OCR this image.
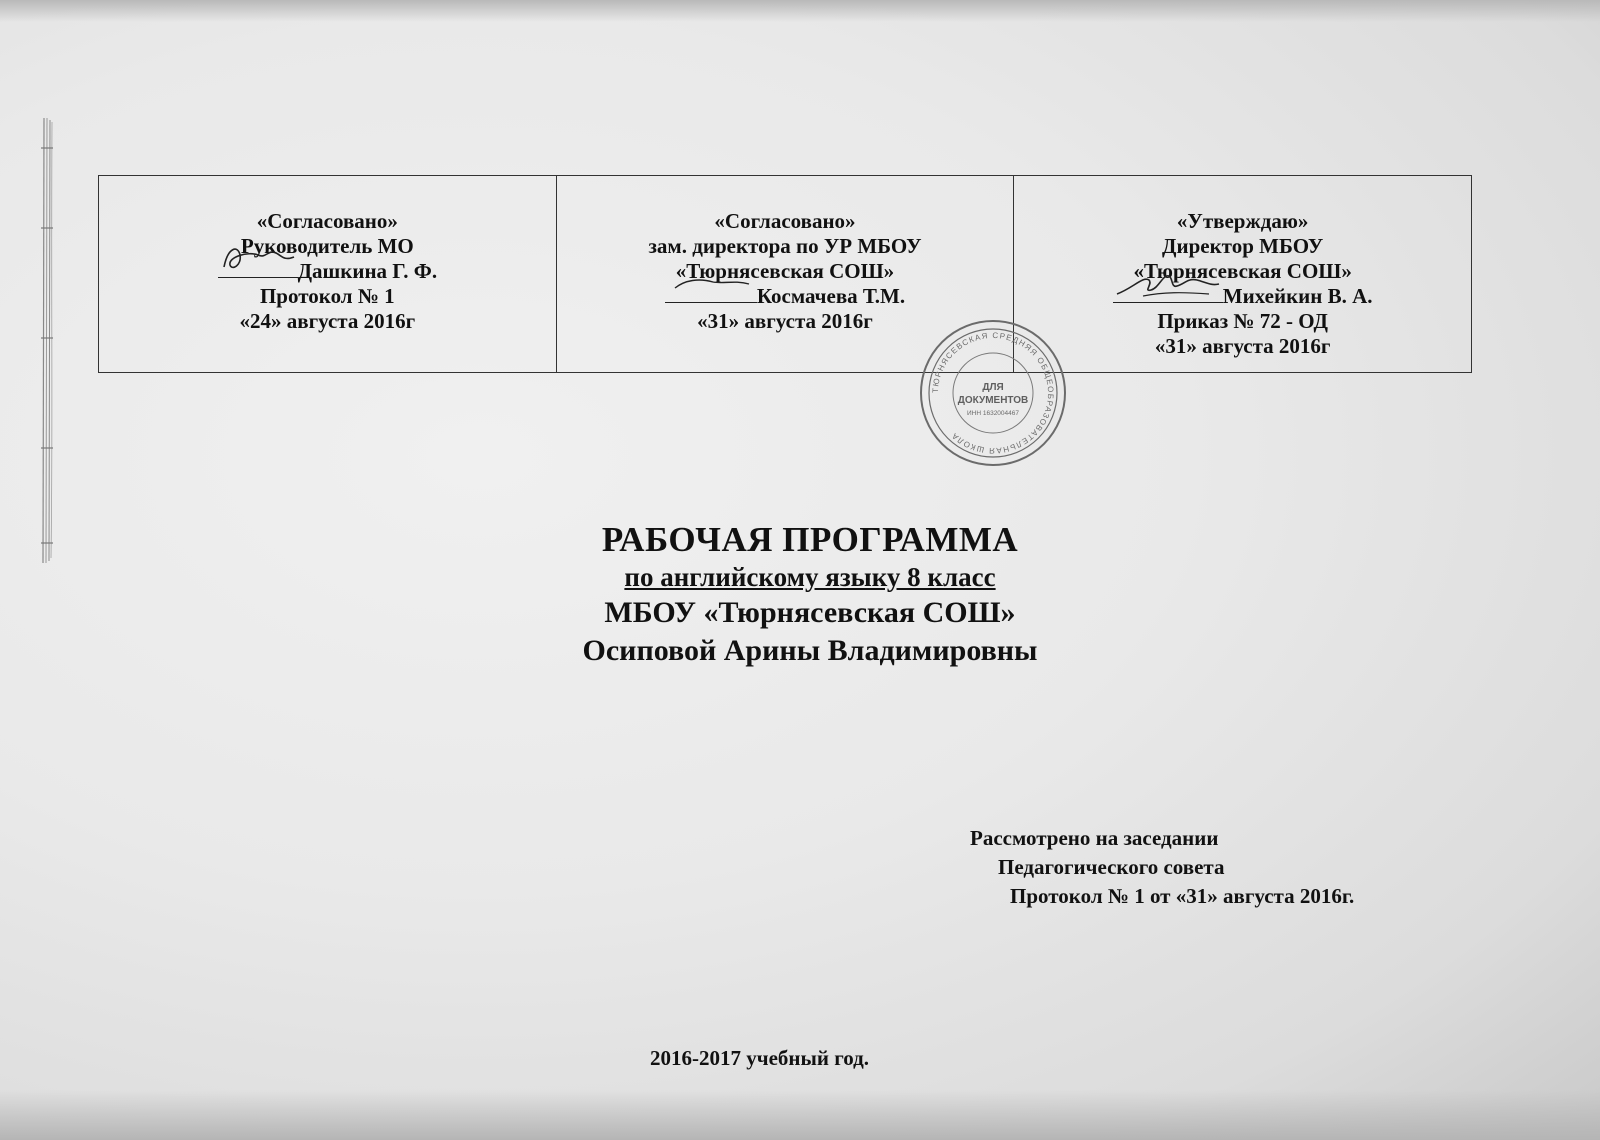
«Согласовано»
Руководитель МО
Дашкина Г. Ф.
Протокол № 1
«24» августа 2016г

«Согласовано»
зам. директора по УР МБОУ
«Тюрнясевская СОШ»
Космачева Т.М.
«31» августа 2016г

«Утверждаю»
Директор МБОУ
«Тюрнясевская СОШ»
Михейкин В. А.
Приказ № 72 - ОД
«31» августа 2016г
ТЮРНЯСЕВСКАЯ СРЕДНЯЯ ОБЩЕОБРАЗОВАТЕЛЬНАЯ ШКОЛА
ДЛЯ
ДОКУМЕНТОВ
ИНН 1632004467

РАБОЧАЯ ПРОГРАММА

по английскому языку 8 класс

МБОУ «Тюрнясевская СОШ»

Осиповой Арины Владимировны

Рассмотрено на заседании
Педагогического совета
Протокол № 1 от «31» августа 2016г.
2016-2017 учебный год.
